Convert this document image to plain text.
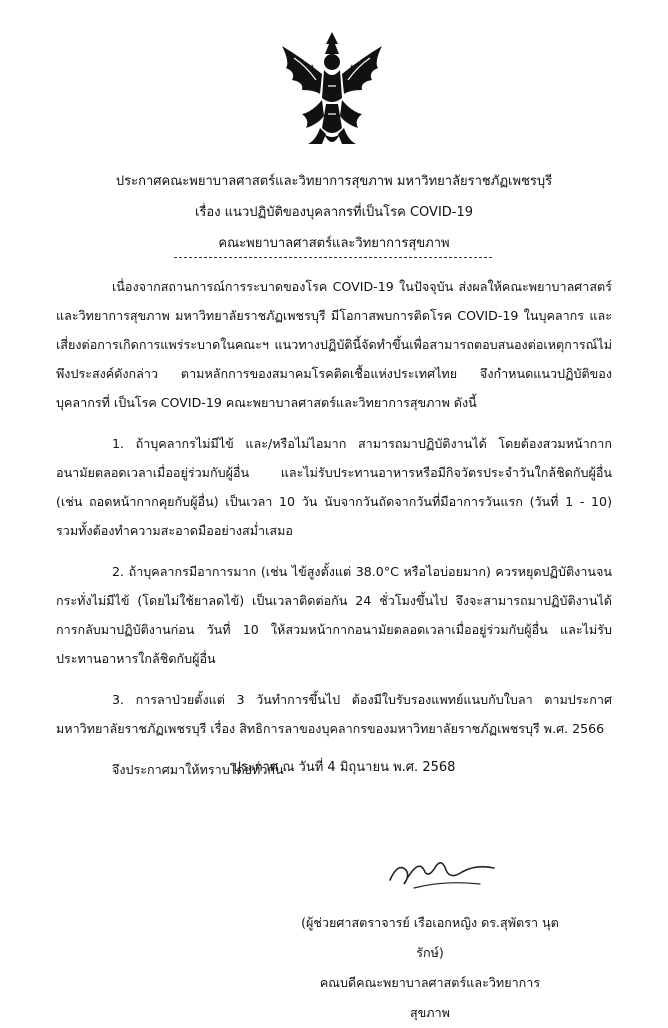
ประกาศคณะพยาบาลศาสตร์และวิทยาการสุขภาพ มหาวิทยาลัยราชภัฏเพชรบุรี
เรื่อง แนวปฏิบัติของบุคลากรที่เป็นโรค COVID-19
คณะพยาบาลศาสตร์และวิทยาการสุขภาพ

เนื่องจากสถานการณ์การระบาดของโรค COVID-19 ในปัจจุบัน ส่งผลให้คณะพยาบาลศาสตร์และวิทยาการสุขภาพ มหาวิทยาลัยราชภัฏเพชรบุรี มีโอกาสพบการติดโรค COVID-19 ในบุคลากร และเสี่ยงต่อการเกิดการแพร่ระบาดในคณะฯ แนวทางปฏิบัตินี้จัดทำขึ้นเพื่อสามารถตอบสนองต่อเหตุการณ์ไม่พึงประสงค์ดังกล่าว ตามหลักการของสมาคมโรคติดเชื้อแห่งประเทศไทย จึงกำหนดแนวปฏิบัติของบุคลากรที่ เป็นโรค COVID-19 คณะพยาบาลศาสตร์และวิทยาการสุขภาพ ดังนี้

1. ถ้าบุคลากรไม่มีไข้ และ/หรือไม่ไอมาก สามารถมาปฏิบัติงานได้ โดยต้องสวมหน้ากากอนามัยตลอดเวลาเมื่ออยู่ร่วมกับผู้อื่น และไม่รับประทานอาหารหรือมีกิจวัตรประจำวันใกล้ชิดกับผู้อื่น (เช่น ถอดหน้ากากคุยกับผู้อื่น) เป็นเวลา 10 วัน นับจากวันถัดจากวันที่มีอาการวันแรก (วันที่ 1 - 10) รวมทั้งต้องทำความสะอาดมืออย่างสม่ำเสมอ

2. ถ้าบุคลากรมีอาการมาก (เช่น ไข้สูงตั้งแต่ 38.0°C หรือไอบ่อยมาก) ควรหยุดปฏิบัติงานจนกระทั่งไม่มีไข้ (โดยไม่ใช้ยาลดไข้) เป็นเวลาติดต่อกัน 24 ชั่วโมงขึ้นไป จึงจะสามารถมาปฏิบัติงานได้ การกลับมาปฏิบัติงานก่อน วันที่ 10 ให้สวมหน้ากากอนามัยตลอดเวลาเมื่ออยู่ร่วมกับผู้อื่น และไม่รับประทานอาหารใกล้ชิดกับผู้อื่น

3. การลาป่วยตั้งแต่ 3 วันทำการขึ้นไป ต้องมีใบรับรองแพทย์แนบกับใบลา ตามประกาศมหาวิทยาลัยราชภัฏเพชรบุรี เรื่อง สิทธิการลาของบุคลากรของมหาวิทยาลัยราชภัฏเพชรบุรี พ.ศ. 2566

จึงประกาศมาให้ทราบโดยทั่วกัน

ประกาศ ณ วันที่ 4 มิถุนายน พ.ศ. 2568
(ผู้ช่วยศาสตราจารย์ เรือเอกหญิง ดร.สุพัตรา นุตรักษ์)
คณบดีคณะพยาบาลศาสตร์และวิทยาการสุขภาพ
